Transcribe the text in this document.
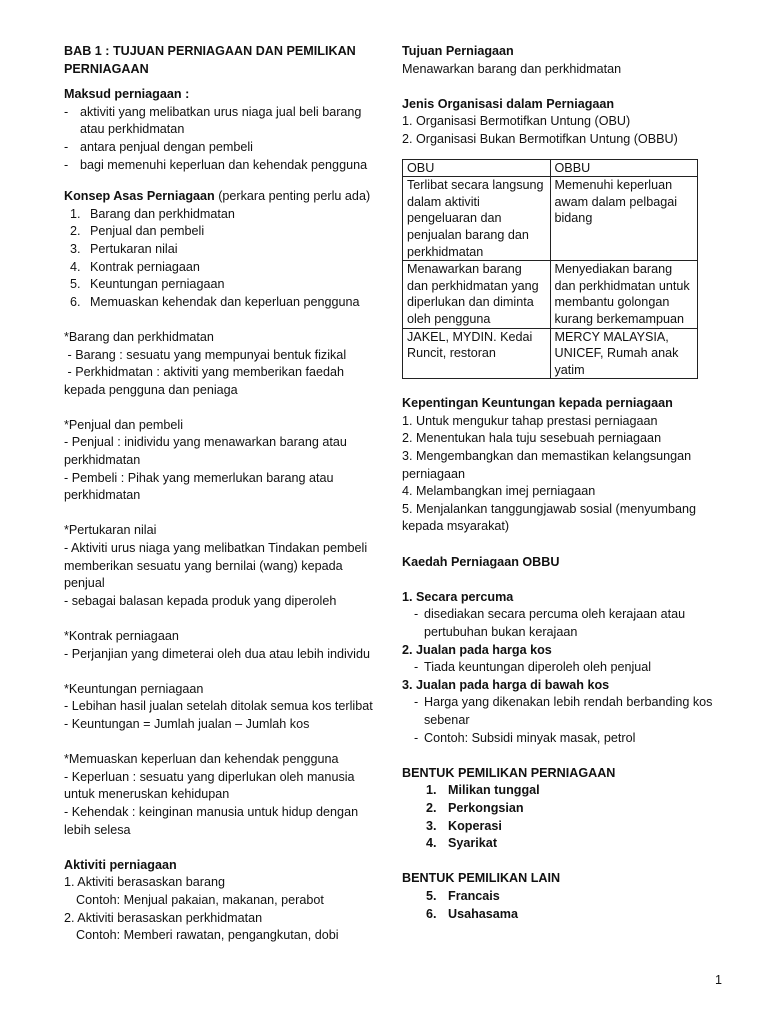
BAB 1 : TUJUAN PERNIAGAAN DAN PEMILIKAN PERNIAGAAN
Maksud perniagaan :
- aktiviti yang melibatkan urus niaga jual beli barang atau perkhidmatan
- antara penjual dengan pembeli
- bagi memenuhi keperluan dan kehendak pengguna
Konsep Asas Perniagaan (perkara penting perlu ada)
1. Barang dan perkhidmatan
2. Penjual dan pembeli
3. Pertukaran nilai
4. Kontrak perniagaan
5. Keuntungan perniagaan
6. Memuaskan kehendak dan keperluan pengguna
*Barang dan perkhidmatan
- Barang : sesuatu yang mempunyai bentuk fizikal
- Perkhidmatan : aktiviti yang memberikan faedah kepada pengguna dan peniaga
*Penjual dan pembeli
- Penjual : inidividu yang menawarkan barang atau perkhidmatan
- Pembeli : Pihak yang memerlukan barang atau perkhidmatan
*Pertukaran nilai
- Aktiviti urus niaga yang melibatkan Tindakan pembeli memberikan sesuatu yang bernilai (wang) kepada penjual
- sebagai balasan kepada produk yang diperoleh
*Kontrak perniagaan
- Perjanjian yang dimeterai oleh dua atau lebih individu
*Keuntungan perniagaan
- Lebihan hasil jualan setelah ditolak semua kos terlibat
- Keuntungan = Jumlah jualan – Jumlah kos
*Memuaskan keperluan dan kehendak pengguna
- Keperluan : sesuatu yang diperlukan oleh manusia untuk meneruskan kehidupan
- Kehendak : keinginan manusia untuk hidup dengan lebih selesa
Aktiviti perniagaan
1. Aktiviti berasaskan barang
Contoh: Menjual pakaian, makanan, perabot
2. Aktiviti berasaskan perkhidmatan
Contoh: Memberi rawatan, pengangkutan, dobi
Tujuan Perniagaan
Menawarkan barang dan perkhidmatan
Jenis Organisasi dalam Perniagaan
1. Organisasi Bermotifkan Untung (OBU)
2. Organisasi Bukan Bermotifkan Untung (OBBU)
OBU	OBBU
Terlibat secara langsung dalam aktiviti pengeluaran dan penjualan barang dan perkhidmatan	Memenuhi keperluan awam dalam pelbagai bidang
Menawarkan barang dan perkhidmatan yang diperlukan dan diminta oleh pengguna	Menyediakan barang dan perkhidmatan untuk membantu golongan kurang berkemampuan
JAKEL, MYDIN. Kedai Runcit, restoran	MERCY MALAYSIA, UNICEF, Rumah anak yatim
Kepentingan Keuntungan kepada perniagaan
1. Untuk mengukur tahap prestasi perniagaan
2. Menentukan hala tuju sesebuah perniagaan
3. Mengembangkan dan memastikan kelangsungan perniagaan
4. Melambangkan imej perniagaan
5. Menjalankan tanggungjawab sosial (menyumbang kepada msyarakat)
Kaedah Perniagaan OBBU
1. Secara percuma
- disediakan secara percuma oleh kerajaan atau pertubuhan bukan kerajaan
2. Jualan pada harga kos
- Tiada keuntungan diperoleh oleh penjual
3. Jualan pada harga di bawah kos
- Harga yang dikenakan lebih rendah berbanding kos sebenar
- Contoh: Subsidi minyak masak, petrol
BENTUK PEMILIKAN PERNIAGAAN
1. Milikan tunggal
2. Perkongsian
3. Koperasi
4. Syarikat
BENTUK PEMILIKAN LAIN
5. Francais
6. Usahasama
1
